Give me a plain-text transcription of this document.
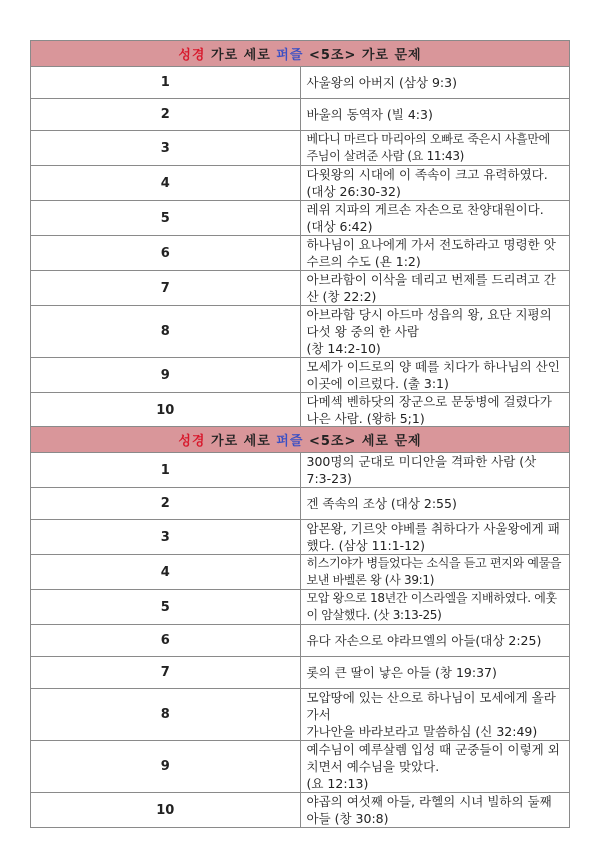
성경 가로 세로 퍼즐 <5조> 가로 문제	
1	사울왕의 아버지 (삼상 9:3)
2	바울의 동역자 (빌 4:3)
3	베다니 마르다 마리아의 오빠로 죽은시 사흘만에 주님이 살려준 사람 (요 11:43)
4	다윗왕의 시대에 이 족속이 크고 유력하였다. (대상 26:30-32)
5	레위 지파의 게르손 자손으로 찬양대원이다. (대상 6:42)
6	하나님이 요나에게 가서 전도하라고 명령한 앗수르의 수도 (욘 1:2)
7	아브라함이 이삭을 데리고 번제를 드리려고 간 산 (창 22:2)
8	아브라함 당시 아드마 성읍의 왕, 요단 지평의 다섯 왕 중의 한 사람
(창 14:2-10)
9	모세가 이드로의 양 떼를 치다가 하나님의 산인 이곳에 이르렀다. (출 3:1)
10	다메섹 벤하닷의 장군으로 문둥병에 걸렸다가 나은 사람. (왕하 5;1)
성경 가로 세로 퍼즐 <5조> 세로 문제	
1	300명의 군대로 미디안을 격파한 사람 (삿 7:3-23)
2	겐 족속의 조상 (대상 2:55)
3	암몬왕, 기르앗 야베를 취하다가 사울왕에게 패했다. (삼상 11:1-12)
4	히스기야가 병들었다는 소식을 듣고 편지와 예물을 보낸 바벨론 왕 (사 39:1)
5	모압 왕으로 18년간 이스라엘을 지배하였다. 에훗이 암살했다. (삿 3:13-25)
6	유다 자손으로 야라므엘의 아들(대상 2:25)
7	롯의 큰 딸이 낳은 아들 (창 19:37)
8	모압땅에 있는 산으로 하나님이 모세에게 올라가서
가나안을 바라보라고 말씀하심 (신 32:49)
9	예수님이 예루살렘 입성 때 군중들이 이렇게 외치면서 예수님을 맞았다.
(요 12:13)
10	야곱의 여섯째 아들, 라헬의 시녀 빌하의 둘째 아들 (창 30:8)
